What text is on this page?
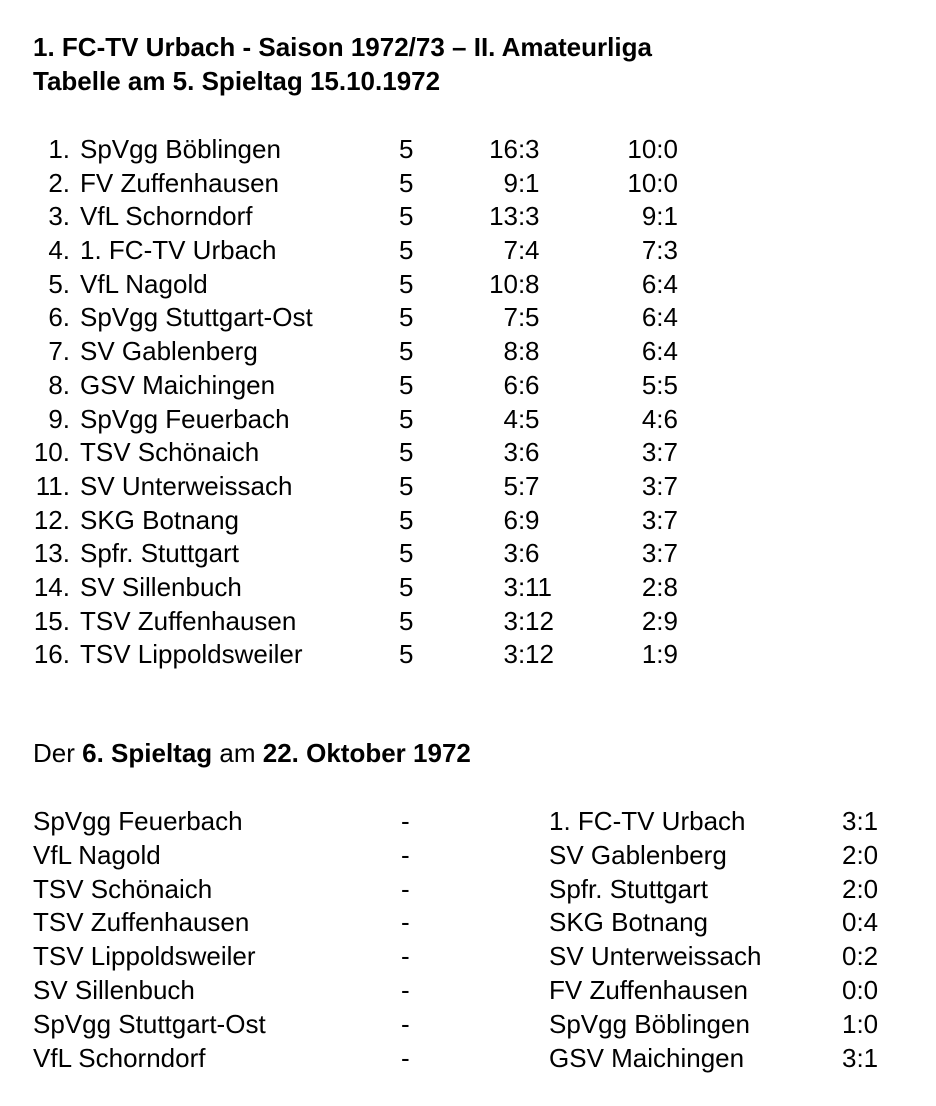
1. FC-TV Urbach - Saison 1972/73 – II. Amateurliga
Tabelle am 5. Spieltag 15.10.1972
1. SpVgg Böblingen	5	16 : 3	10:0
2. FV Zuffenhausen	5	9 : 1	10:0
3. VfL Schorndorf	5	13 : 3	9:1
4. 1. FC-TV Urbach	5	7 : 4	7:3
5. VfL Nagold	5	10 : 8	6:4
6. SpVgg Stuttgart-Ost	5	7 : 5	6:4
7. SV Gablenberg	5	8 : 8	6:4
8. GSV Maichingen	5	6 : 6	5:5
9. SpVgg Feuerbach	5	4 : 5	4:6
10. TSV Schönaich	5	3 : 6	3:7
11. SV Unterweissach	5	5 : 7	3:7
12. SKG Botnang	5	6 : 9	3:7
13. Spfr. Stuttgart	5	3 : 6	3:7
14. SV Sillenbuch	5	3 : 11	2:8
15. TSV Zuffenhausen	5	3 : 12	2:9
16. TSV Lippoldsweiler	5	3 : 12	1:9
Der 6. Spieltag am 22. Oktober 1972
SpVgg Feuerbach	-	1. FC-TV Urbach	3:1
VfL Nagold	-	SV Gablenberg	2:0
TSV Schönaich	-	Spfr. Stuttgart	2:0
TSV Zuffenhausen	-	SKG Botnang	0:4
TSV Lippoldsweiler	-	SV Unterweissach	0:2
SV Sillenbuch	-	FV Zuffenhausen	0:0
SpVgg Stuttgart-Ost	-	SpVgg Böblingen	1:0
VfL Schorndorf	-	GSV Maichingen	3:1
